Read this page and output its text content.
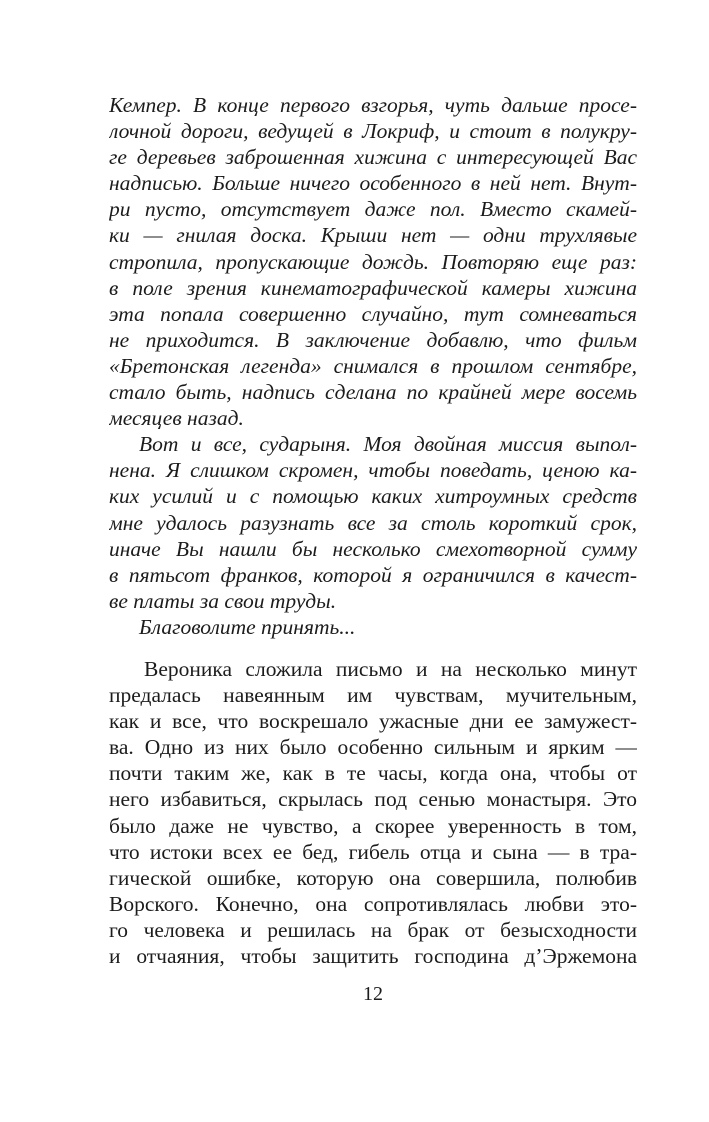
Кемпер. В конце первого взгорья, чуть дальше просе-
лочной дороги, ведущей в Локриф, и стоит в полукру-
ге деревьев заброшенная хижина с интересующей Вас
надписью. Больше ничего особенного в ней нет. Внут-
ри пусто, отсутствует даже пол. Вместо скамей-
ки — гнилая доска. Крыши нет — одни трухлявые
стропила, пропускающие дождь. Повторяю еще раз:
в поле зрения кинематографической камеры хижина
эта попала совершенно случайно, тут сомневаться
не приходится. В заключение добавлю, что фильм
«Бретонская легенда» снимался в прошлом сентябре,
стало быть, надпись сделана по крайней мере восемь
месяцев назад.
Вот и все, сударыня. Моя двойная миссия выпол-
нена. Я слишком скромен, чтобы поведать, ценою ка-
ких усилий и с помощью каких хитроумных средств
мне удалось разузнать все за столь короткий срок,
иначе Вы нашли бы несколько смехотворной сумму
в пятьсот франков, которой я ограничился в качест-
ве платы за свои труды.
Благоволите принять...
Вероника сложила письмо и на несколько минут
предалась навеянным им чувствам, мучительным,
как и все, что воскрешало ужасные дни ее замужест-
ва. Одно из них было особенно сильным и ярким —
почти таким же, как в те часы, когда она, чтобы от
него избавиться, скрылась под сенью монастыря. Это
было даже не чувство, а скорее уверенность в том,
что истоки всех ее бед, гибель отца и сына — в тра-
гической ошибке, которую она совершила, полюбив
Ворского. Конечно, она сопротивлялась любви это-
го человека и решилась на брак от безысходности
и отчаяния, чтобы защитить господина д’Эржемона
12
